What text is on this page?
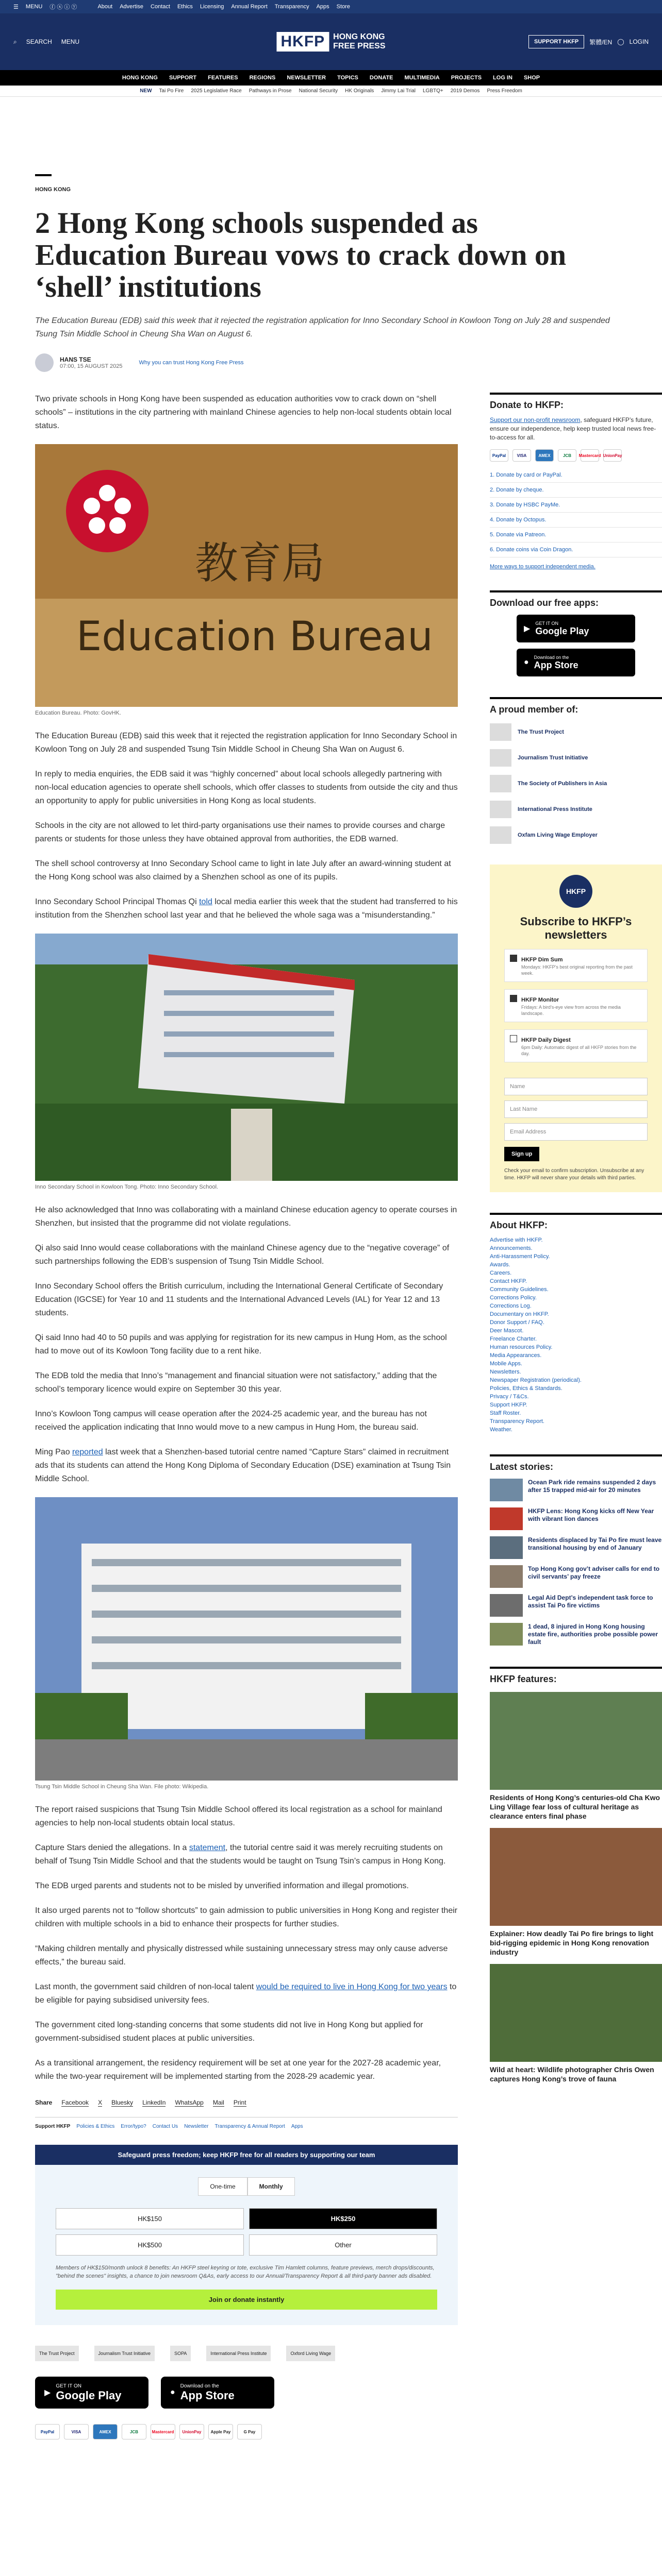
☰ MENU ⓕ ⓧ ⓘ ⓨ	About Advertise Contact Ethics Licensing Annual Report Transparency Apps Store
⌕ SEARCH MENU	HKFP	HONG KONG
FREE PRESS	SUPPORT HKFP	繁體/EN ◯ LOGIN
HONG KONG SUPPORT FEATURES REGIONS NEWSLETTER TOPICS DONATE MULTIMEDIA PROJECTS LOG IN SHOP
NEW Tai Po Fire 2025 Legislative Race Pathways in Prose National Security HK Originals Jimmy Lai Trial LGBTQ+ 2019 Demos Press Freedom
HONG KONG
2 Hong Kong schools suspended as Education Bureau vows to crack down on ‘shell’ institutions
The Education Bureau (EDB) said this week that it rejected the registration application for Inno Secondary School in Kowloon Tong on July 28 and suspended Tsung Tsin Middle School in Cheung Sha Wan on August 6.
HANS TSE
07:00, 15 AUGUST 2025
Why you can trust Hong Kong Free Press

Two private schools in Hong Kong have been suspended as education authorities vow to crack down on “shell schools” – institutions in the city partnering with mainland Chinese agencies to help non-local students obtain local status.

教育局
Education Bureau
Education Bureau. Photo: GovHK.

The Education Bureau (EDB) said this week that it rejected the registration application for Inno Secondary School in Kowloon Tong on July 28 and suspended Tsung Tsin Middle School in Cheung Sha Wan on August 6.

In reply to media enquiries, the EDB said it was “highly concerned” about local schools allegedly partnering with non-local education agencies to operate shell schools, which offer classes to students from outside the city and thus an opportunity to apply for public universities in Hong Kong as local students.

Schools in the city are not allowed to let third-party organisations use their names to provide courses and charge parents or students for those unless they have obtained approval from authorities, the EDB warned.

The shell school controversy at Inno Secondary School came to light in late July after an award-winning student at the Hong Kong school was also claimed by a Shenzhen school as one of its pupils.

Inno Secondary School Principal Thomas Qi told local media earlier this week that the student had transferred to his institution from the Shenzhen school last year and that he believed the whole saga was a “misunderstanding.”

Inno Secondary School in Kowloon Tong. Photo: Inno Secondary School.

He also acknowledged that Inno was collaborating with a mainland Chinese education agency to operate courses in Shenzhen, but insisted that the programme did not violate regulations.

Qi also said Inno would cease collaborations with the mainland Chinese agency due to the “negative coverage” of such partnerships following the EDB’s suspension of Tsung Tsin Middle School.

Inno Secondary School offers the British curriculum, including the International General Certificate of Secondary Education (IGCSE) for Year 10 and 11 students and the International Advanced Levels (IAL) for Year 12 and 13 students.

Qi said Inno had 40 to 50 pupils and was applying for registration for its new campus in Hung Hom, as the school had to move out of its Kowloon Tong facility due to a rent hike.

The EDB told the media that Inno’s “management and financial situation were not satisfactory,” adding that the school’s temporary licence would expire on September 30 this year.

Inno’s Kowloon Tong campus will cease operation after the 2024-25 academic year, and the bureau has not received the application indicating that Inno would move to a new campus in Hung Hom, the bureau said.

Ming Pao reported last week that a Shenzhen-based tutorial centre named “Capture Stars” claimed in recruitment ads that its students can attend the Hong Kong Diploma of Secondary Education (DSE) examination at Tsung Tsin Middle School.

Tsung Tsin Middle School in Cheung Sha Wan. File photo: Wikipedia.

The report raised suspicions that Tsung Tsin Middle School offered its local registration as a school for mainland agencies to help non-local students obtain local status.

Capture Stars denied the allegations. In a statement, the tutorial centre said it was merely recruiting students on behalf of Tsung Tsin Middle School and that the students would be taught on Tsung Tsin’s campus in Hong Kong.

The EDB urged parents and students not to be misled by unverified information and illegal promotions.

It also urged parents not to “follow shortcuts” to gain admission to public universities in Hong Kong and register their children with multiple schools in a bid to enhance their prospects for further studies.

“Making children mentally and physically distressed while sustaining unnecessary stress may only cause adverse effects,” the bureau said.

Last month, the government said children of non-local talent would be required to live in Hong Kong for two years to be eligible for paying subsidised university fees.

The government cited long-standing concerns that some students did not live in Hong Kong but applied for government-subsidised student places at public universities.

As a transitional arrangement, the residency requirement will be set at one year for the 2027-28 academic year, while the two-year requirement will be implemented starting from the 2028-29 academic year.

Share Facebook X Bluesky LinkedIn WhatsApp Mail Print
Support HKFP Policies & Ethics Error/typo? Contact Us Newsletter Transparency & Annual Report Apps
Safeguard press freedom; keep HKFP free for all readers by supporting our team
One-time	Monthly
HK$150	HK$250
HK$500	Other
Members of HK$150/month unlock 8 benefits: An HKFP steel keyring or tote, exclusive Tim Hamlett columns, feature previews, merch drops/discounts, "behind the scenes" insights, a chance to join newsroom Q&As, early access to our Annual/Transparency Report & all third-party banner ads disabled.
Join or donate instantly
The Trust Project	Journalism Trust Initiative	SOPA	International Press Institute	Oxford Living Wage
▶
GET IT ON
Google Play	●
Download on the
App Store
PayPal	VISA	AMEX	JCB	Mastercard	UnionPay	Apple Pay	G Pay
Donate to HKFP:

Support our non-profit newsroom, safeguard HKFP’s future, ensure our independence, help keep trusted local news free-to-access for all.

PayPal	VISA	AMEX	JCB	Mastercard UnionPay
1. Donate by card or PayPal.
2. Donate by cheque.
3. Donate by HSBC PayMe.
4. Donate by Octopus.
5. Donate via Patreon.
6. Donate coins via Coin Dragon.
More ways to support independent media.
Download our free apps:
▶
GET IT ON
Google Play
●
Download on the
App Store
A proud member of:
The Trust Project
Journalism Trust Initiative
The Society of Publishers in Asia
International Press Institute
Oxfam Living Wage Employer
HKFP
Subscribe to HKFP’s newsletters
HKFP Dim Sum

Mondays: HKFP’s best original reporting from the past week.

HKFP Monitor

Fridays: A bird’s-eye view from across the media landscape.

HKFP Daily Digest

6pm Daily: Automatic digest of all HKFP stories from the day.

Name
Last Name
Email Address
Sign up
Check your email to confirm subscription. Unsubscribe at any time. HKFP will never share your details with third parties.
About HKFP:
Advertise with HKFP.
Announcements.
Anti-Harassment Policy.
Awards.
Careers.
Contact HKFP.
Community Guidelines.
Corrections Policy.
Corrections Log.
Documentary on HKFP.
Donor Support / FAQ.
Deer Mascot.
Freelance Charter.
Human resources Policy.
Media Appearances.
Mobile Apps.
Newsletters.
Newspaper Registration (periodical).
Policies, Ethics & Standards.
Privacy / T&Cs.
Support HKFP.
Staff Roster.
Transparency Report.
Weather.
Latest stories:

Ocean Park ride remains suspended 2 days after 15 trapped mid-air for 20 minutes

HKFP Lens: Hong Kong kicks off New Year with vibrant lion dances

Residents displaced by Tai Po fire must leave transitional housing by end of January

Top Hong Kong gov’t adviser calls for end to civil servants’ pay freeze

Legal Aid Dept’s independent task force to assist Tai Po fire victims

1 dead, 8 injured in Hong Kong housing estate fire, authorities probe possible power fault

HKFP features:

Residents of Hong Kong’s centuries-old Cha Kwo Ling Village fear loss of cultural heritage as clearance enters final phase

Explainer: How deadly Tai Po fire brings to light bid-rigging epidemic in Hong Kong renovation industry

Wild at heart: Wildlife photographer Chris Owen captures Hong Kong’s trove of fauna
